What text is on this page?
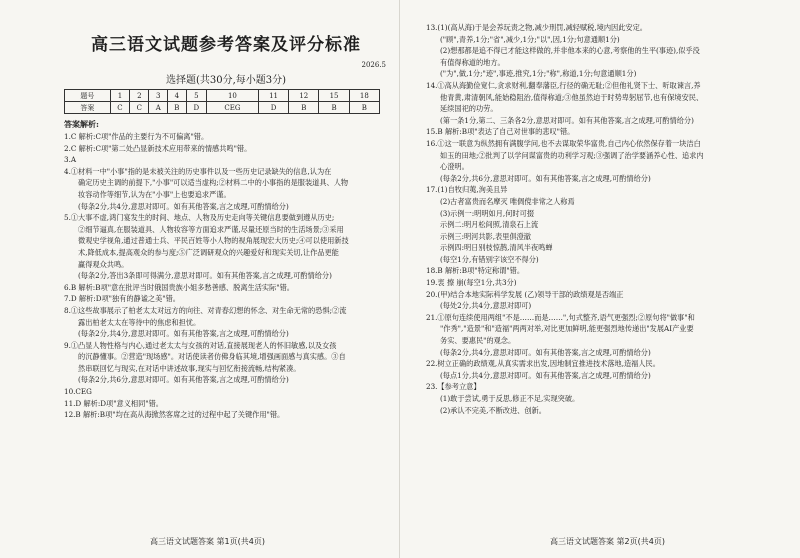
高三语文试题参考答案及评分标准
2026.5
选择题(共30分,每小题3分)
题号	1	2	3	4	5	10	11	12	15	18
答案	C	C	A	B	D	CEG	D	B	B	B
答案解析:
1.C 解析:C项"作品的主要行为不可偏离"错。
2.C 解析:C项"第二处凸显新技术应用带来的情感共鸣"错。
3.A
4.①材料一中"小事"指的是未被关注的历史事件以及一些历史记录缺失的信息,认为在
确定历史主调的前提下,"小事"可以适当虚构;②材料二中的小事指的是服装道具、人物
妆容动作等细节,认为在"小事"上也要追求严谨。
(每条2分,共4分,意思对即可。如有其他答案,言之成理,可酌情给分)
5.①大事不虚,鸿门宴发生的时间、地点、人物及历史走向等关键信息要做到遵从历史;
②细节逼真,在服装道具、人物妆容等方面追求严谨,尽量还原当时的生活场景;③采用
微观史学视角,通过普通士兵、平民百姓等小人物的视角展现宏大历史;④可以使用新技
术,降低成本,提高观众的参与度;⑤广泛调研观众的兴趣爱好和现实关切,让作品更能
赢得观众共鸣。
(每条2分,答出3条即可得满分,意思对即可。如有其他答案,言之成理,可酌情给分)
6.B 解析:B项"意在批评当时俄国贵族小姐多愁善感、脱离生活实际"错。
7.D 解析:D项"独有的静谧之美"错。
8.①这些故事展示了柏老太太对远方的向往、对青春幻想的怀念、对生命无常的恐惧;②流
露出柏老太太在等待中的焦虑和担忧。
(每条2分,共4分,意思对即可。如有其他答案,言之成理,可酌情给分)
9.①凸显人物性格与内心,通过老太太与女孩的对话,直接展现老人的怀旧敏感,以及女孩
的沉静懂事。②营造"现场感"。对话使读者仿佛身临其境,增强画面感与真实感。③自
然串联回忆与现实,在对话中讲述故事,现实与回忆衔接流畅,结构紧凑。
(每条2分,共6分,意思对即可。如有其他答案,言之成理,可酌情给分)
10.CEG
11.D 解析:D项"意义相同"错。
12.B 解析:B项"均在高从海掀然客席之过的过程中起了关键作用"错。
高三语文试题答案 第1页(共4页)
13.(1)(高从海)于是会养玩责之物,减少刑罚,减轻赋税,境内因此安定。
("顾",青养,1分;"省",减少,1分;"以",因,1分;句意通顺1分)
(2)想那都是追不得已才能这样做的,并非他本来的心意,考察他的生平(事迹),似乎没
有值得称道的地方。
("为",做,1分;"迹",事迹,推究,1分;"称",称道,1分;句意通顺1分)
14.①高从海勤俭宽仁,贪求财利,翻奉藩臣,行径的确无耻;②但他礼贤下士、听取谏言,养
他青黄,肃清朝风,能始稳阻治,值得称道;③他虽然迫于时势卑躬屈节,也有保境安民、
延续国祀的功劳。
(第一条1分,第二、三条各2分,意思对即可。如有其他答案,言之成理,可酌情给分)
15.B 解析:B项"表达了自己对世事的悲叹"错。
16.①这一联意为纵然拥有满腹学问,也不去谋取荣华富贵,自己内心依然保存着一块洁白
如玉的田地;②批判了以学问谋富贵的功利学习观;③强调了治学要涵养心性、追求内
心澄明。
(每条2分,共6分,意思对即可。如有其他答案,言之成理,可酌情给分)
17.(1)自牧归荑,洵美且异
(2)古者富贵而名摩灭 唯倜傥非常之人称焉
(3)示例一:明明如月,何时可掇
示例二:明月松间照,清泉石上流
示例三:明河共影,表里俱澄澈
示例四:明日别枝惊鹊,清风半夜鸣蝉
(每空1分,有错别字该空不得分)
18.B 解析:B项"特定称谓"错。
19.衷 擦 崩(每空1分,共3分)
20.(甲)结合本地实际科学发展 (乙)领导干部的政绩观是否端正
(每处2分,共4分,意思对即可)
21.①原句连续使用两组"不是……而是……",句式整齐,语气更强烈;②原句将"做事"和
"作秀","造景"和"造福"两两对举,对比更加鲜明,能更强烈地传递出"发展AI产业要
务实、要惠民"的观念。
(每条2分,共4分,意思对即可。如有其他答案,言之成理,可酌情给分)
22.树立正确的政绩观,从真实需求出发,因地制宜推进技术落地,造福人民。
(每点1分,共4分,意思对即可。如有其他答案,言之成理,可酌情给分)
23.【参考立意】
(1)敢于尝试,勇于反思,修正不足,实现突破。
(2)承认不完美,不断改进、创新。
高三语文试题答案 第2页(共4页)
